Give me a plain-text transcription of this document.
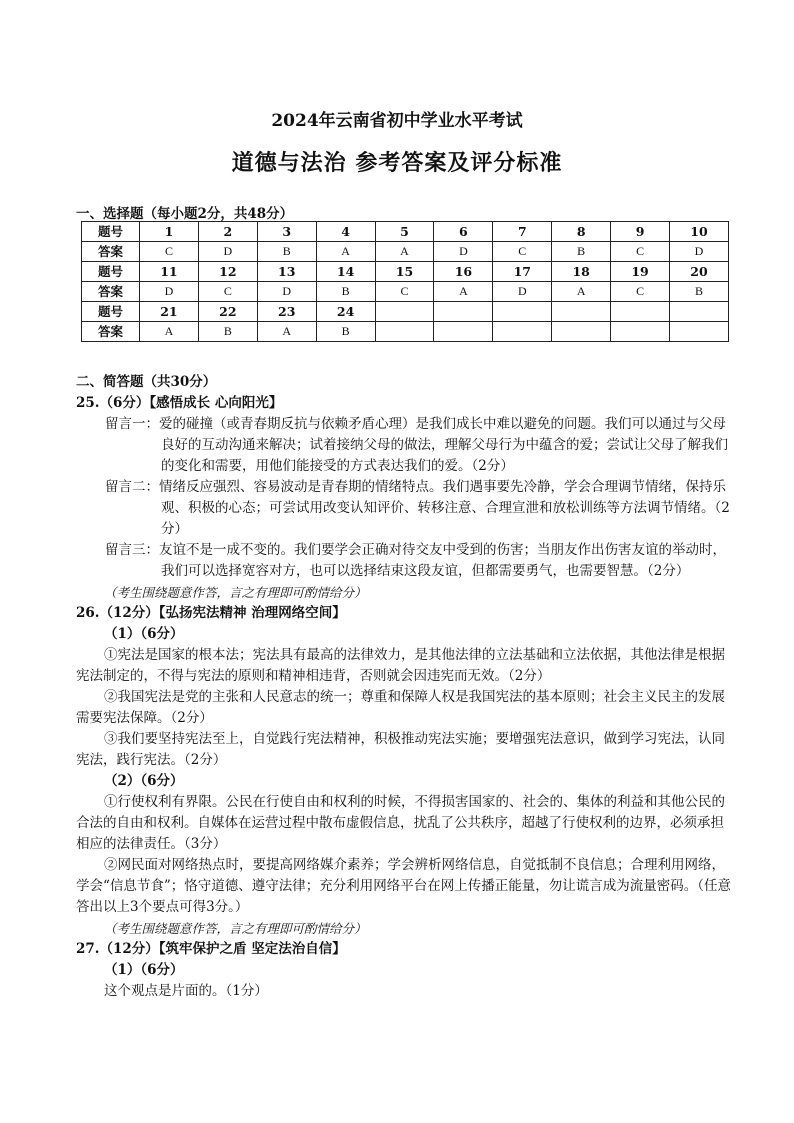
2024年云南省初中学业水平考试
道德与法治 参考答案及评分标准
一、选择题（每小题2分，共48分）
题号	1	2	3	4	5	6	7	8	9	10
答案	C	D	B	A	A	D	C	B	C	D
题号	11	12	13	14	15	16	17	18	19	20
答案	D	C	D	B	C	A	D	A	C	B
题号	21	22	23	24						
答案	A	B	A	B						

二、简答题（共30分）

25.（6分）【感悟成长 心向阳光】

留言一：爱的碰撞（或青春期反抗与依赖矛盾心理）是我们成长中难以避免的问题。我们可以通过与父母良好的互动沟通来解决；试着接纳父母的做法，理解父母行为中蕴含的爱；尝试让父母了解我们的变化和需要，用他们能接受的方式表达我们的爱。（2分）

留言二：情绪反应强烈、容易波动是青春期的情绪特点。我们遇事要先冷静，学会合理调节情绪，保持乐观、积极的心态；可尝试用改变认知评价、转移注意、合理宣泄和放松训练等方法调节情绪。（2分）

留言三：友谊不是一成不变的。我们要学会正确对待交友中受到的伤害；当朋友作出伤害友谊的举动时，我们可以选择宽容对方，也可以选择结束这段友谊，但都需要勇气，也需要智慧。（2分）

（考生围绕题意作答，言之有理即可酌情给分）

26.（12分）【弘扬宪法精神 治理网络空间】

（1）（6分）

①宪法是国家的根本法；宪法具有最高的法律效力，是其他法律的立法基础和立法依据，其他法律是根据宪法制定的，不得与宪法的原则和精神相违背，否则就会因违宪而无效。（2分）

②我国宪法是党的主张和人民意志的统一；尊重和保障人权是我国宪法的基本原则；社会主义民主的发展需要宪法保障。（2分）

③我们要坚持宪法至上，自觉践行宪法精神，积极推动宪法实施；要增强宪法意识，做到学习宪法，认同宪法，践行宪法。（2分）

（2）（6分）

①行使权利有界限。公民在行使自由和权利的时候，不得损害国家的、社会的、集体的利益和其他公民的合法的自由和权利。自媒体在运营过程中散布虚假信息，扰乱了公共秩序，超越了行使权利的边界，必须承担相应的法律责任。（3分）

②网民面对网络热点时，要提高网络媒介素养；学会辨析网络信息，自觉抵制不良信息；合理利用网络，学会“信息节食”；恪守道德、遵守法律；充分利用网络平台在网上传播正能量，勿让谎言成为流量密码。（任意答出以上3个要点可得3分。）

（考生围绕题意作答，言之有理即可酌情给分）

27.（12分）【筑牢保护之盾 坚定法治自信】

（1）（6分）

这个观点是片面的。（1分）
